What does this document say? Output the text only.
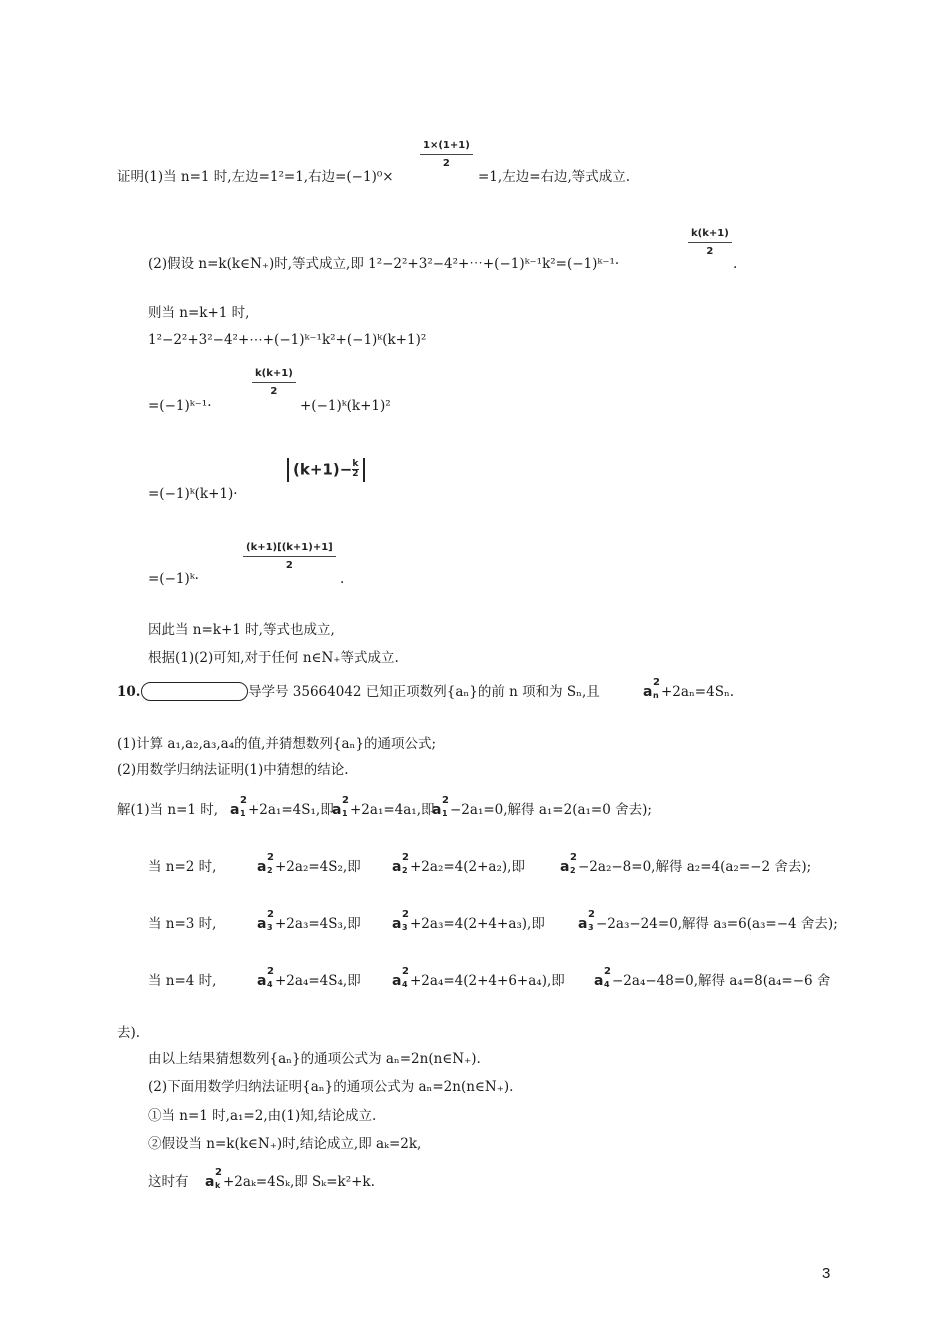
$\frac{1\times(1+1)}{2}$
证明(1)当 n=1 时,左边=1²=1,右边=(−1)⁰×	=1,左边=右边,等式成立.
$\frac{k(k+1)}{2}$
(2)假设 n=k(k∈N₊)时,等式成立,即 1²−2²+3²−4²+⋯+(−1)ᵏ⁻¹k²=(−1)ᵏ⁻¹·	.
则当 n=k+1 时,
1²−2²+3²−4²+⋯+(−1)ᵏ⁻¹k²+(−1)ᵏ(k+1)²
$\frac{k(k+1)}{2}$
=(−1)ᵏ⁻¹·	+(−1)ᵏ(k+1)²
$(k+1)- \frac{k}{2}$
=(−1)ᵏ(k+1)·
$\frac{(k+1)[(k+1)+1]}{2}$
=(−1)ᵏ·	.
因此当 n=k+1 时,等式也成立,
根据(1)(2)可知,对于任何 n∈N₊等式成立.
10.	导学号 35664042 已知正项数列{aₙ}的前 n 项和为 Sₙ,且	a
2
n +2aₙ=4Sₙ.
(1)计算 a₁,a₂,a₃,a₄的值,并猜想数列{aₙ}的通项公式;
(2)用数学归纳法证明(1)中猜想的结论.
解(1)当 n=1 时, a
2
1 +2a₁=4S₁,即
a
2
1 +2a₁=4a₁,即
a
2
1 −2a₁=0,解得 a₁=2(a₁=0 舍去);
当 n=2 时,	a
2
2 +2a₂=4S₂,即 a
2
2 +2a₂=4(2+a₂),即	a
2
2 −2a₂−8=0,解得 a₂=4(a₂=−2 舍去);
当 n=3 时,	a
2
3 +2a₃=4S₃,即 a
2
3 +2a₃=4(2+4+a₃),即 a
2
3 −2a₃−24=0,解得 a₃=6(a₃=−4 舍去);
当 n=4 时,	a
2
4 +2a₄=4S₄,即 a
2
4 +2a₄=4(2+4+6+a₄),即 a
2
4 −2a₄−48=0,解得 a₄=8(a₄=−6 舍
去).
由以上结果猜想数列{aₙ}的通项公式为 aₙ=2n(n∈N₊).
(2)下面用数学归纳法证明{aₙ}的通项公式为 aₙ=2n(n∈N₊).
①当 n=1 时,a₁=2,由(1)知,结论成立.
②假设当 n=k(k∈N₊)时,结论成立,即 aₖ=2k,
这时有 a
2
k +2aₖ=4Sₖ,即 Sₖ=k²+k.
3
